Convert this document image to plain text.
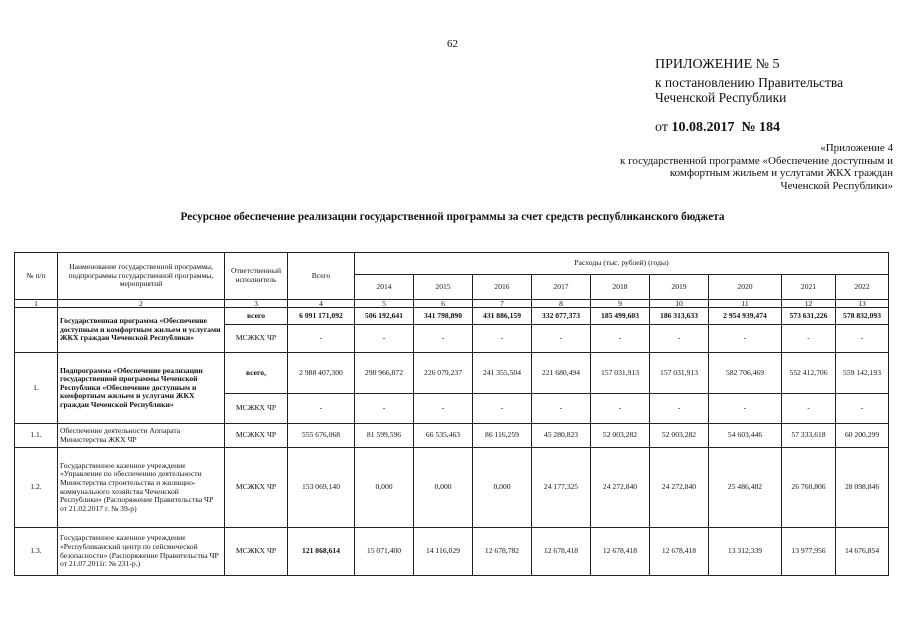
62
ПРИЛОЖЕНИЕ № 5
к постановлению Правительства
Чеченской Республики
от 10.08.2017 № 184
«Приложение 4
к государственной программе «Обеспечение доступным и
комфортным жильем и услугами ЖКХ граждан
Чеченской Республики»
Ресурсное обеспечение реализации государственной программы за счет средств республиканского бюджета
№ п/п	Наименование государственной программы, подпрограммы государственной программы, мероприятий	Ответственный исполнитель	Всего	Расходы (тыс. рублей) (годы)								
				2014	2015	2016	2017	2018	2019	2020	2021	2022
1	2	3	4	5	6	7	8	9	10	11	12	13
	Государственная программа «Обеспечение доступным и комфортным жильем и услугами ЖКХ граждан Чеченской Республики»	всего	6 091 171,092	506 192,641	341 798,890	431 886,159	332 077,373	185 499,603	186 313,633	2 954 939,474	573 631,226	578 832,093
		МСЖКХ ЧР	-	-	-	-	-	-	-	-	-	-
1.	Подпрограмма «Обеспечение реализации государственной программы Чеченской Республики «Обеспечение доступным и комфортным жильем и услугами ЖКХ граждан Чеченской Республики»	всего,	2 988 407,300	290 966,872	226 079,237	241 355,504	221 680,494	157 031,913	157 031,913	582 706,469	552 412,706	559 142,193
		МСЖКХ ЧР	-	-	-	-	-	-	-	-	-	-
1.1.	Обеспечение деятельности Аппарата Министерства ЖКХ ЧР	МСЖКХ ЧР	555 676,068	81 599,596	66 535,463	86 116,259	45 280,823	52 003,282	52 003,282	54 603,446	57 333,618	60 200,299
1.2.	Государственное казенное учреждение «Управление по обеспечению деятельности Министерства строительства и жилищно-коммунального хозяйства Чеченской Республики» (Распоряжение Правительства ЧР от 21.02.2017 г. № 39-р)	МСЖКХ ЧР	153 069,140	0,000	0,000	0,000	24 177,325	24 272,840	24 272,840	25 486,482	26 760,806	28 098,846
1.3.	Государственное казенное учреждение «Республиканский центр по сейсмической безопасности» (Распоряжение Правительства ЧР от 21.07.2011г. № 231-р.)	МСЖКХ ЧР	121 868,614	15 071,400	14 116,029	12 678,782	12 678,418	12 678,418	12 678,418	13 312,339	13 977,956	14 676,854
